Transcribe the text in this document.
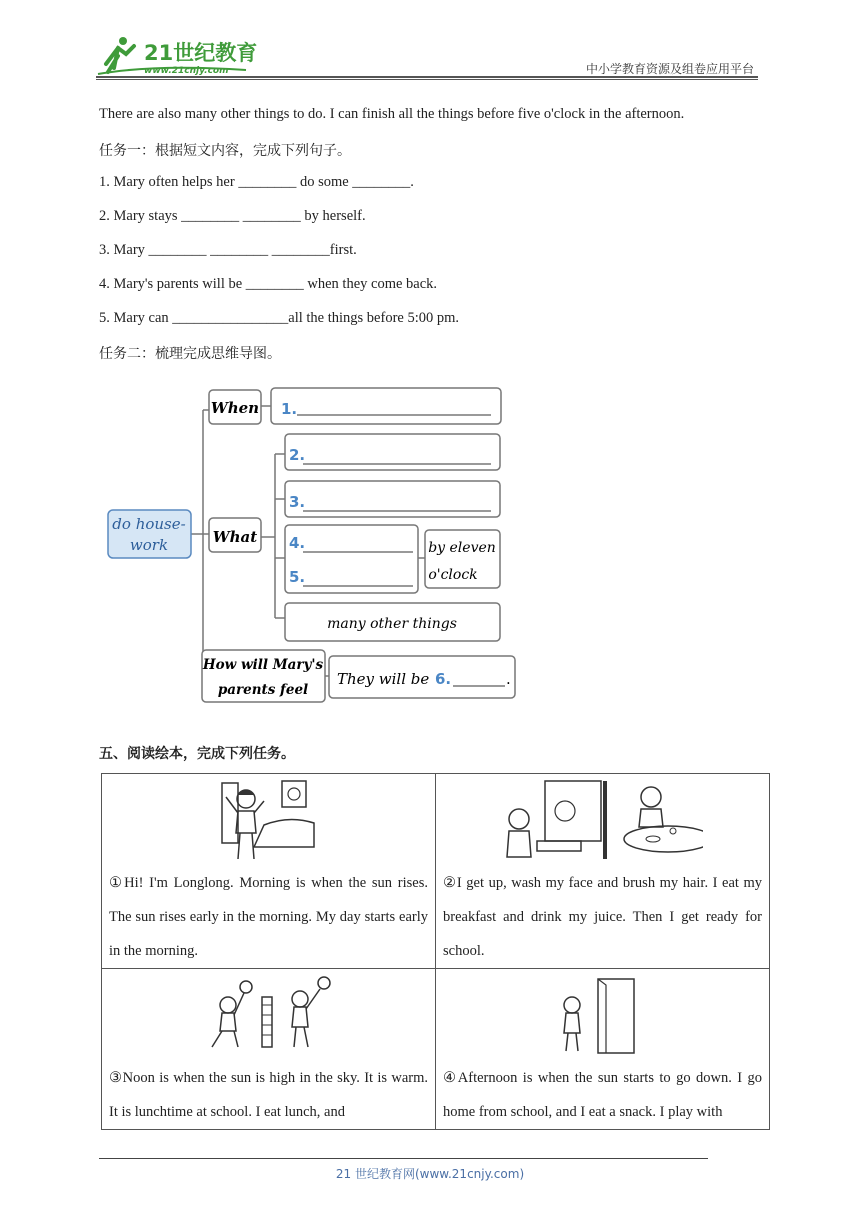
21世纪教育
www.21cnjy.com	中小学教育资源及组卷应用平台
There are also many other things to do. I can finish all the things before five o'clock in the afternoon.
任务一：根据短文内容，完成下列句子。
1. Mary often helps her ________ do some ________.
2. Mary stays ________ ________ by herself.
3. Mary ________ ________ ________first.
4. Mary's parents will be ________ when they come back.
5. Mary can ________________all the things before 5:00 pm.
任务二：梳理完成思维导图。
do house-
work
When 1.
What
2.
3.
4.
5.
by eleven
o'clock
many other things
How will Mary's
parents feel
They will be 6.	.
五、阅读绘本，完成下列任务。
①Hi! I'm Longlong. Morning is when the sun rises. The sun rises early in the morning. My day starts early in the morning.	②I get up, wash my face and brush my hair. I eat my breakfast and drink my juice. Then I get ready for school.

③Noon is when the sun is high in the sky. It is warm. It is lunchtime at school. I eat lunch, and	④Afternoon is when the sun starts to go down. I go home from school, and I eat a snack. I play with
21 世纪教育网(www.21cnjy.com)
